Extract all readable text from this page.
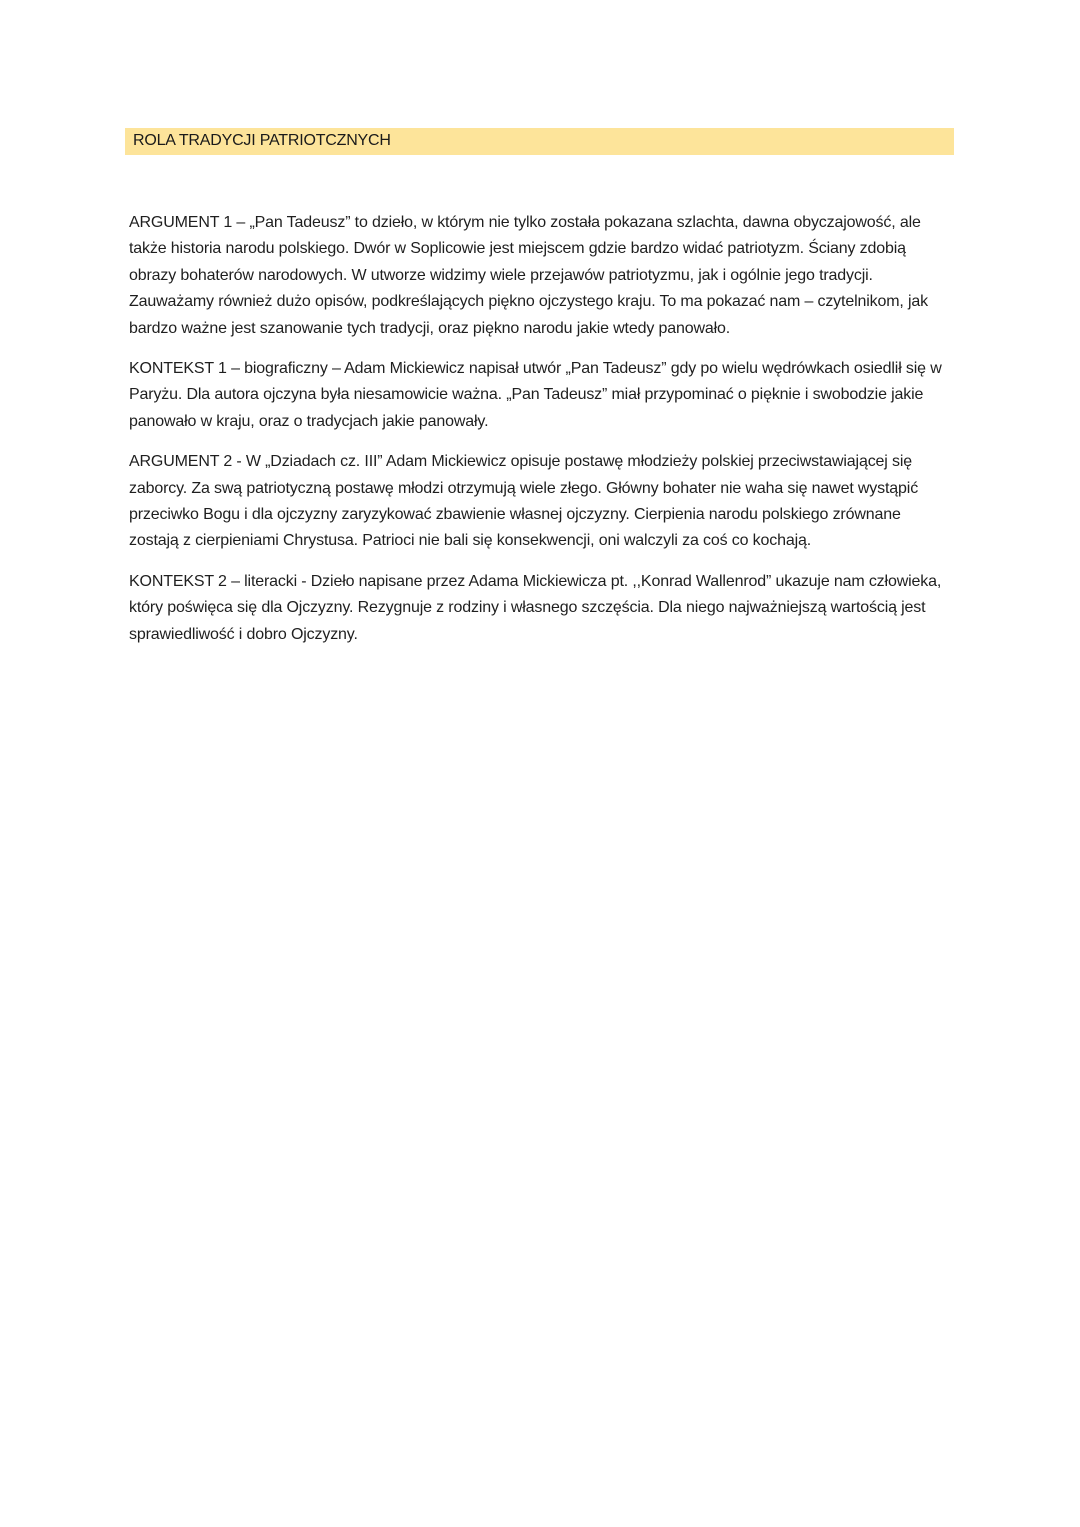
ROLA TRADYCJI PATRIOTCZNYCH

ARGUMENT 1 – „Pan Tadeusz” to dzieło, w którym nie tylko została pokazana szlachta, dawna obyczajowość, ale także historia narodu polskiego. Dwór w Soplicowie jest miejscem gdzie bardzo widać patriotyzm. Ściany zdobią obrazy bohaterów narodowych. W utworze widzimy wiele przejawów patriotyzmu, jak i ogólnie jego tradycji. Zauważamy również dużo opisów, podkreślających piękno ojczystego kraju. To ma pokazać nam – czytelnikom, jak bardzo ważne jest szanowanie tych tradycji, oraz piękno narodu jakie wtedy panowało.

KONTEKST 1 – biograficzny – Adam Mickiewicz napisał utwór „Pan Tadeusz” gdy po wielu wędrówkach osiedlił się w Paryżu. Dla autora ojczyna była niesamowicie ważna. „Pan Tadeusz” miał przypominać o pięknie i swobodzie jakie panowało w kraju, oraz o tradycjach jakie panowały.

ARGUMENT 2 - W „Dziadach cz. III” Adam Mickiewicz opisuje postawę młodzieży polskiej przeciwstawiającej się zaborcy. Za swą patriotyczną postawę młodzi otrzymują wiele złego. Główny bohater nie waha się nawet wystąpić przeciwko Bogu i dla ojczyzny zaryzykować zbawienie własnej ojczyzny. Cierpienia narodu polskiego zrównane zostają z cierpieniami Chrystusa. Patrioci nie bali się konsekwencji, oni walczyli za coś co kochają.

KONTEKST 2 – literacki - Dzieło napisane przez Adama Mickiewicza pt. ,,Konrad Wallenrod” ukazuje nam człowieka, który poświęca się dla Ojczyzny. Rezygnuje z rodziny i własnego szczęścia. Dla niego najważniejszą wartością jest sprawiedliwość i dobro Ojczyzny.
